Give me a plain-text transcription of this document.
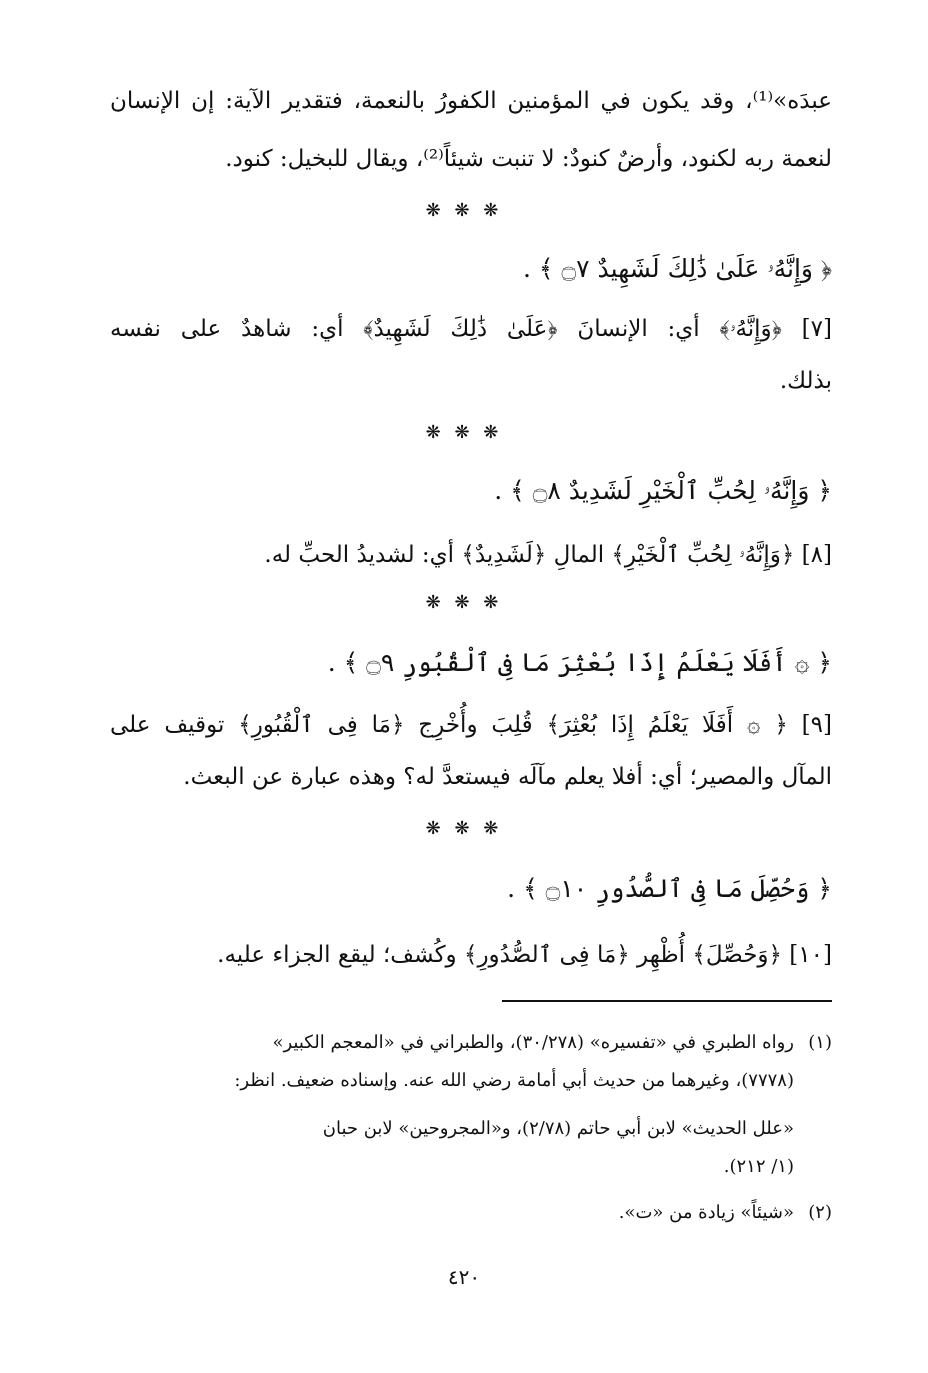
عبدَه»⁽¹⁾، وقد يكون في المؤمنين الكفورُ بالنعمة، فتقدير الآية: إن الإنسان
لنعمة ربه لكنود، وأرضٌ كنودٌ: لا تنبت شيئاً⁽²⁾، ويقال للبخيل: كنود.
❋ ❋ ❋
﴿ وَإِنَّهُۥ عَلَىٰ ذَٰلِكَ لَشَهِيدٌ ۝٧ ﴾ .
[٧] ﴿وَإِنَّهُۥ﴾ أي: الإنسانَ ﴿عَلَىٰ ذَٰلِكَ لَشَهِيدٌ﴾ أي: شاهدٌ على نفسه
بذلك.
❋ ❋ ❋
﴿ وَإِنَّهُۥ لِحُبِّ ٱلْخَيْرِ لَشَدِيدٌ ۝٨ ﴾ .
[٨] ﴿وَإِنَّهُۥ لِحُبِّ ٱلْخَيْرِ﴾ المالِ ﴿لَشَدِيدٌ﴾ أي: لشديدُ الحبِّ له.
❋ ❋ ❋
﴿ ۞ أَفَلَا يَعْلَمُ إِذَا بُعْثِرَ مَا فِى ٱلْقُبُورِ ۝٩ ﴾ .
[٩] ﴿ ۞ أَفَلَا يَعْلَمُ إِذَا بُعْثِرَ﴾ قُلِبَ وأُخْرِج ﴿مَا فِى ٱلْقُبُورِ﴾ توقيف على
المآل والمصير؛ أي: أفلا يعلم مآلَه فيستعدَّ له؟ وهذه عبارة عن البعث.
❋ ❋ ❋
﴿ وَحُصِّلَ مَا فِى ٱلصُّدُورِ ۝١٠ ﴾ .
[١٠] ﴿وَحُصِّلَ﴾ أُظْهِر ﴿مَا فِى ٱلصُّدُورِ﴾ وكُشف؛ ليقع الجزاء عليه.
(١)رواه الطبري في «تفسيره» (٣٠/٢٧٨)، والطبراني في «المعجم الكبير»
(٧٧٧٨)، وغيرهما من حديث أبي أمامة رضي الله عنه. وإسناده ضعيف. انظر:
«علل الحديث» لابن أبي حاتم (٢/٧٨)، و«المجروحين» لابن حبان
(١/ ٢١٢).
(٢)«شيئاً» زيادة من «ت».
٤٢٠
